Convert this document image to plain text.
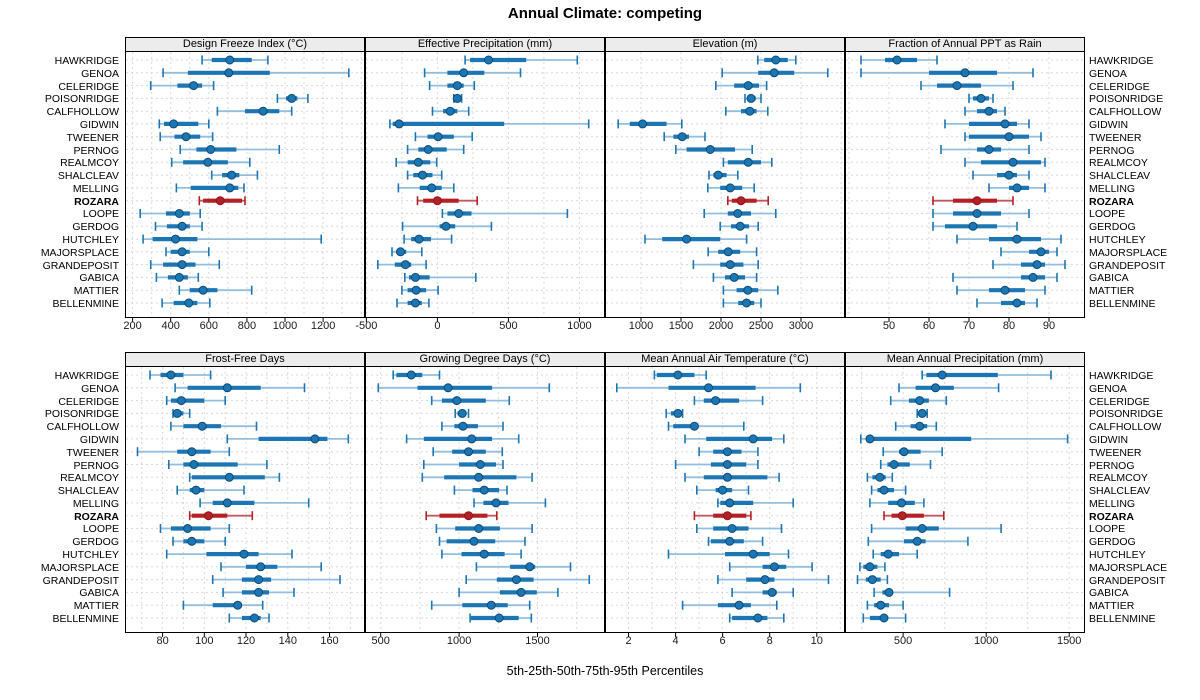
Annual Climate: competing
HAWKRIDGE
GENOA
CELERIDGE
POISONRIDGE
CALFHOLLOW
GIDWIN
TWEENER
PERNOG
REALMCOY
SHALCLEAV
MELLING
ROZARA
LOOPE
GERDOG
HUTCHLEY
MAJORSPLACE
GRANDEPOSIT
GABICA
MATTIER
BELLENMINE
HAWKRIDGE
GENOA
CELERIDGE
POISONRIDGE
CALFHOLLOW
GIDWIN
TWEENER
PERNOG
REALMCOY
SHALCLEAV
MELLING
ROZARA
LOOPE
GERDOG
HUTCHLEY
MAJORSPLACE
GRANDEPOSIT
GABICA
MATTIER
BELLENMINE
HAWKRIDGE
GENOA
CELERIDGE
POISONRIDGE
CALFHOLLOW
GIDWIN
TWEENER
PERNOG
REALMCOY
SHALCLEAV
MELLING
ROZARA
LOOPE
GERDOG
HUTCHLEY
MAJORSPLACE
GRANDEPOSIT
GABICA
MATTIER
BELLENMINE
HAWKRIDGE
GENOA
CELERIDGE
POISONRIDGE
CALFHOLLOW
GIDWIN
TWEENER
PERNOG
REALMCOY
SHALCLEAV
MELLING
ROZARA
LOOPE
GERDOG
HUTCHLEY
MAJORSPLACE
GRANDEPOSIT
GABICA
MATTIER
BELLENMINE
Design Freeze Index (°C)
200 400 600 800 1000 1200
Effective Precipitation (mm)
-500	0	500	1000
Elevation (m)
1000 1500 2000 2500 3000
Fraction of Annual PPT as Rain
50	60	70	80	90
Frost-Free Days
80 100 120 140 160
Growing Degree Days (°C)
500	1000	1500
Mean Annual Air Temperature (°C)
2	4	6	8	10
Mean Annual Precipitation (mm)
500	1000	1500
5th-25th-50th-75th-95th Percentiles
